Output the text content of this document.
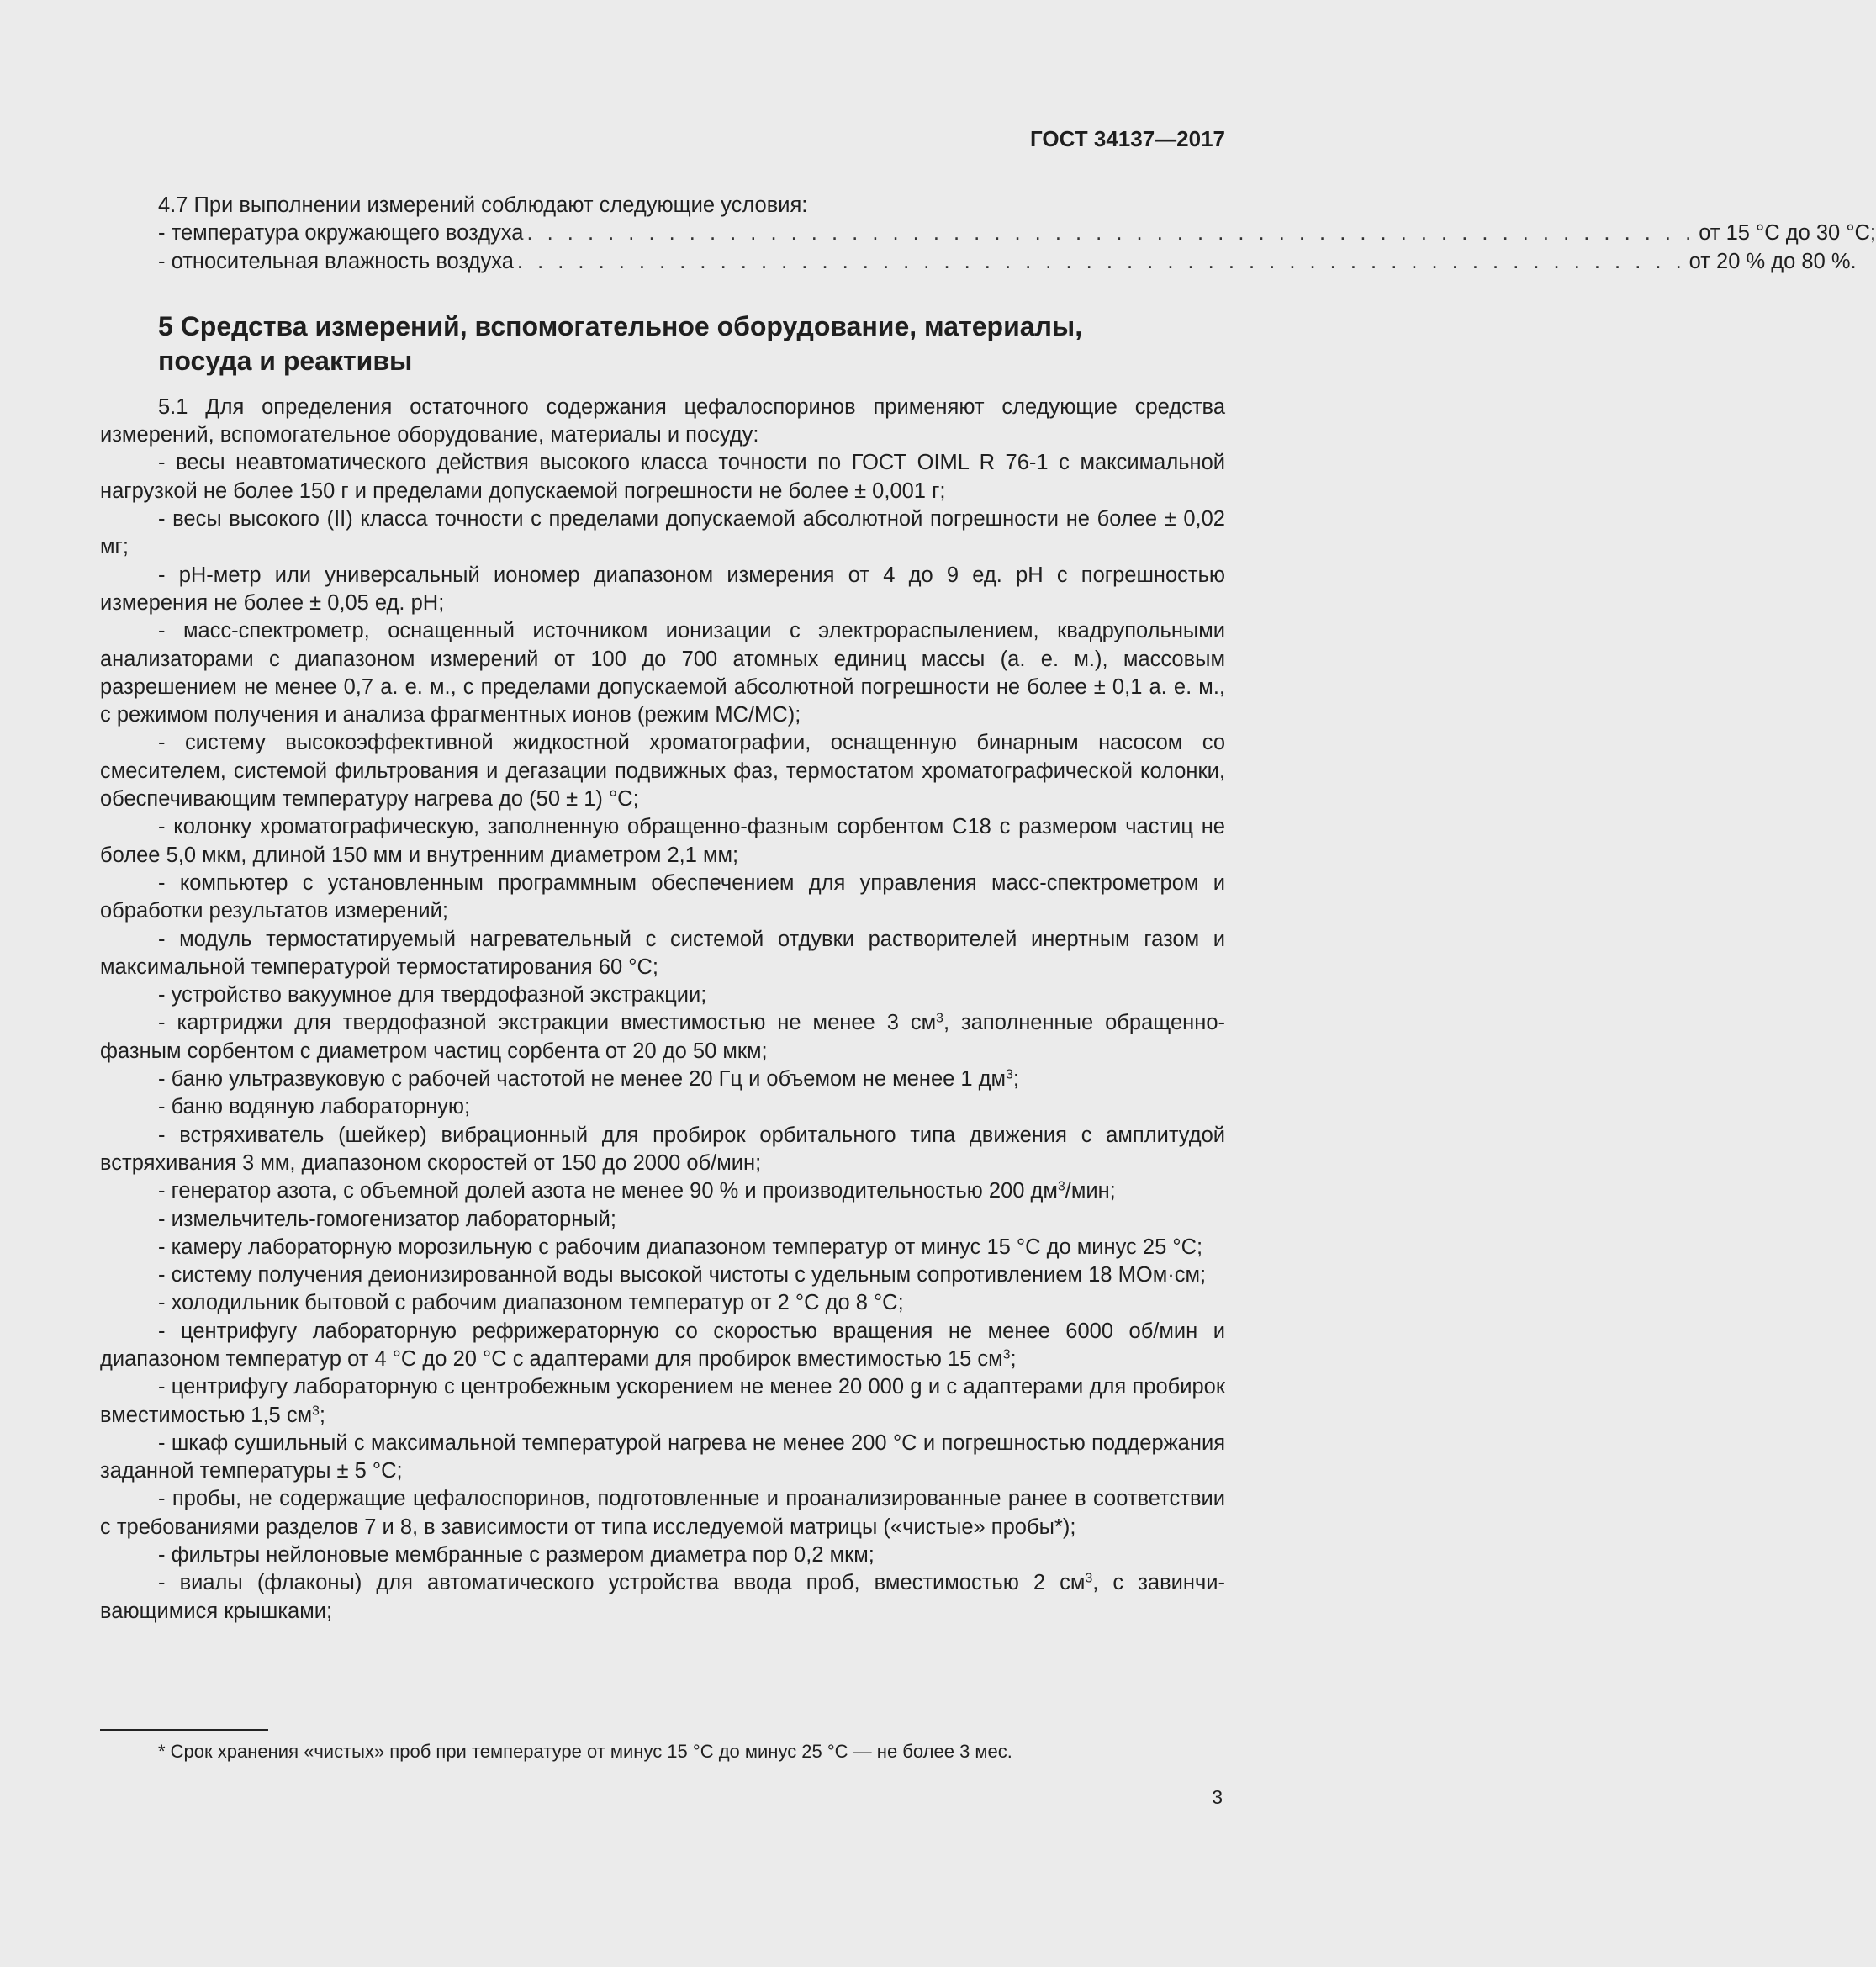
ГОСТ 34137—2017

4.7 При выполнении измерений соблюдают следующие условия:

- температура окружающего воздуха . . . . . . . . . . . . . . . . . . . . . . . . . . . . . . . . . . . . . . . . . . . . . . . . . . . . . . . . . . от 15 °C до 30 °C;
- относительная влажность воздуха . . . . . . . . . . . . . . . . . . . . . . . . . . . . . . . . . . . . . . . . . . . . . . . . . . . . . . . . . . от 20 % до 80 %.
5 Средства измерений, вспомогательное оборудование, материалы,
посуда и реактивы

5.1 Для определения остаточного содержания цефалоспоринов применяют следующие средства измерений, вспомогательное оборудование, материалы и посуду:

- весы неавтоматического действия высокого класса точности по ГОСТ OIML R 76-1 с максимальной нагрузкой не более 150 г и пределами допускаемой погрешности не более ± 0,001 г;

- весы высокого (II) класса точности с пределами допускаемой абсолютной погрешности не более ± 0,02 мг;

- pH-метр или универсальный иономер диапазоном измерения от 4 до 9 ед. pH с погрешностью измерения не более ± 0,05 ед. pH;

- масс-спектрометр, оснащенный источником ионизации с электрораспылением, квадрупольными анализаторами с диапазоном измерений от 100 до 700 атомных единиц массы (а. е. м.), массовым разрешением не менее 0,7 а. е. м., с пределами допускаемой абсолютной погрешности не более ± 0,1 а. е. м., с режимом получения и анализа фрагментных ионов (режим МС/МС);

- систему высокоэффективной жидкостной хроматографии, оснащенную бинарным насосом со смесителем, системой фильтрования и дегазации подвижных фаз, термостатом хроматографической колонки, обеспечивающим температуру нагрева до (50 ± 1) °C;

- колонку хроматографическую, заполненную обращенно-фазным сорбентом С18 с размером частиц не более 5,0 мкм, длиной 150 мм и внутренним диаметром 2,1 мм;

- компьютер с установленным программным обеспечением для управления масс-спектрометром и обработки результатов измерений;

- модуль термостатируемый нагревательный с системой отдувки растворителей инертным газом и максимальной температурой термостатирования 60 °C;

- устройство вакуумное для твердофазной экстракции;

- картриджи для твердофазной экстракции вместимостью не менее 3 $см^3$, заполненные обращенно-фазным сорбентом с диаметром частиц сорбента от 20 до 50 мкм;

- баню ультразвуковую с рабочей частотой не менее 20 Гц и объемом не менее 1 $дм^3$;

- баню водяную лабораторную;

- встряхиватель (шейкер) вибрационный для пробирок орбитального типа движения с амплитудой встряхивания 3 мм, диапазоном скоростей от 150 до 2000 об/мин;

- генератор азота, с объемной долей азота не менее 90 % и производительностью 200 $дм^3$/мин;

- измельчитель-гомогенизатор лабораторный;

- камеру лабораторную морозильную с рабочим диапазоном температур от минус 15 °C до минус 25 °C;

- систему получения деионизированной воды высокой чистоты с удельным сопротивлением 18 МОм·см;

- холодильник бытовой с рабочим диапазоном температур от 2 °C до 8 °C;

- центрифугу лабораторную рефрижераторную со скоростью вращения не менее 6000 об/мин и диапазоном температур от 4 °C до 20 °C с адаптерами для пробирок вместимостью 15 $см^3$;

- центрифугу лабораторную с центробежным ускорением не менее 20 000 g и с адаптерами для пробирок вместимостью 1,5 $см^3$;

- шкаф сушильный с максимальной температурой нагрева не менее 200 °C и погрешностью поддержания заданной температуры ± 5 °C;

- пробы, не содержащие цефалоспоринов, подготовленные и проанализированные ранее в соответствии с требованиями разделов 7 и 8, в зависимости от типа исследуемой матрицы («чистые» пробы*);

- фильтры нейлоновые мембранные с размером диаметра пор 0,2 мкм;

- виалы (флаконы) для автоматического устройства ввода проб, вместимостью 2 $см^3$, с завинчивающимися крышками;

* Срок хранения «чистых» проб при температуре от минус 15 °C до минус 25 °C — не более 3 мес.
3
